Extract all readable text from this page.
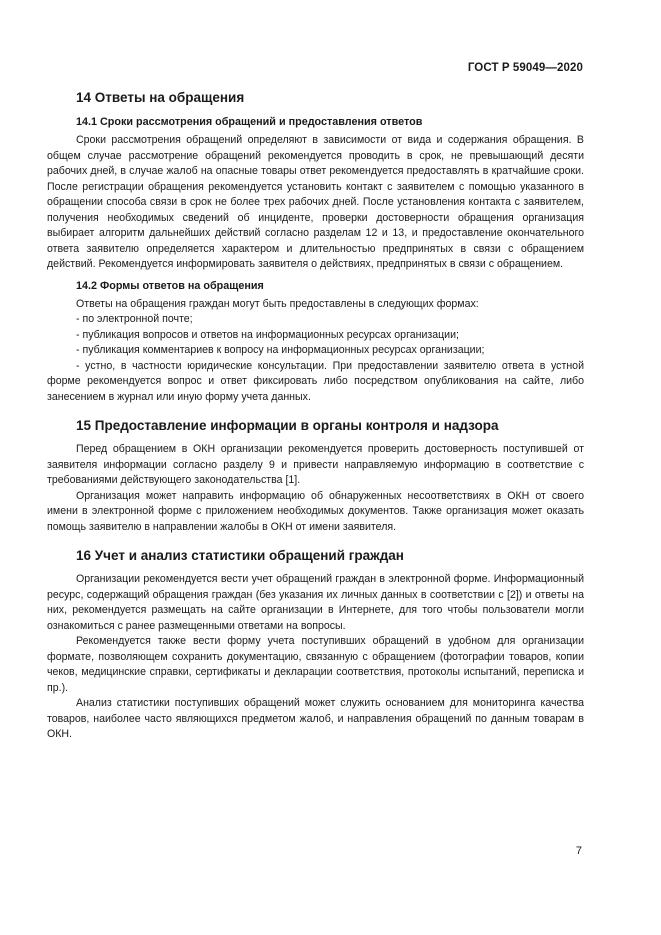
ГОСТ Р 59049—2020
14 Ответы на обращения
14.1 Сроки рассмотрения обращений и предоставления ответов

Сроки рассмотрения обращений определяют в зависимости от вида и содержания обращения. В общем случае рассмотрение обращений рекомендуется проводить в срок, не превышающий десяти рабочих дней, в случае жалоб на опасные товары ответ рекомендуется предоставлять в кратчайшие сроки. После регистрации обращения рекомендуется установить контакт с заявителем с помощью указанного в обращении способа связи в срок не более трех рабочих дней. После установления контакта с заявителем, получения необходимых сведений об инциденте, проверки достоверности обращения организация выбирает алгоритм дальнейших действий согласно разделам 12 и 13, и предоставление окончательного ответа заявителю определяется характером и длительностью предпринятых в связи с обращением действий. Рекомендуется информировать заявителя о действиях, предпринятых в связи с обращением.

14.2 Формы ответов на обращения

Ответы на обращения граждан могут быть предоставлены в следующих формах:

- по электронной почте;
- публикация вопросов и ответов на информационных ресурсах организации;
- публикация комментариев к вопросу на информационных ресурсах организации;
- устно, в частности юридические консультации. При предоставлении заявителю ответа в устной форме рекомендуется вопрос и ответ фиксировать либо посредством опубликования на сайте, либо занесением в журнал или иную форму учета данных.
15 Предоставление информации в органы контроля и надзора

Перед обращением в ОКН организации рекомендуется проверить достоверность поступившей от заявителя информации согласно разделу 9 и привести направляемую информацию в соответствие с требованиями действующего законодательства [1].

Организация может направить информацию об обнаруженных несоответствиях в ОКН от своего имени в электронной форме с приложением необходимых документов. Также организация может оказать помощь заявителю в направлении жалобы в ОКН от имени заявителя.

16 Учет и анализ статистики обращений граждан

Организации рекомендуется вести учет обращений граждан в электронной форме. Информационный ресурс, содержащий обращения граждан (без указания их личных данных в соответствии с [2]) и ответы на них, рекомендуется размещать на сайте организации в Интернете, для того чтобы пользователи могли ознакомиться с ранее размещенными ответами на вопросы.

Рекомендуется также вести форму учета поступивших обращений в удобном для организации формате, позволяющем сохранить документацию, связанную с обращением (фотографии товаров, копии чеков, медицинские справки, сертификаты и декларации соответствия, протоколы испытаний, переписка и пр.).

Анализ статистики поступивших обращений может служить основанием для мониторинга качества товаров, наиболее часто являющихся предметом жалоб, и направления обращений по данным товарам в ОКН.

7
